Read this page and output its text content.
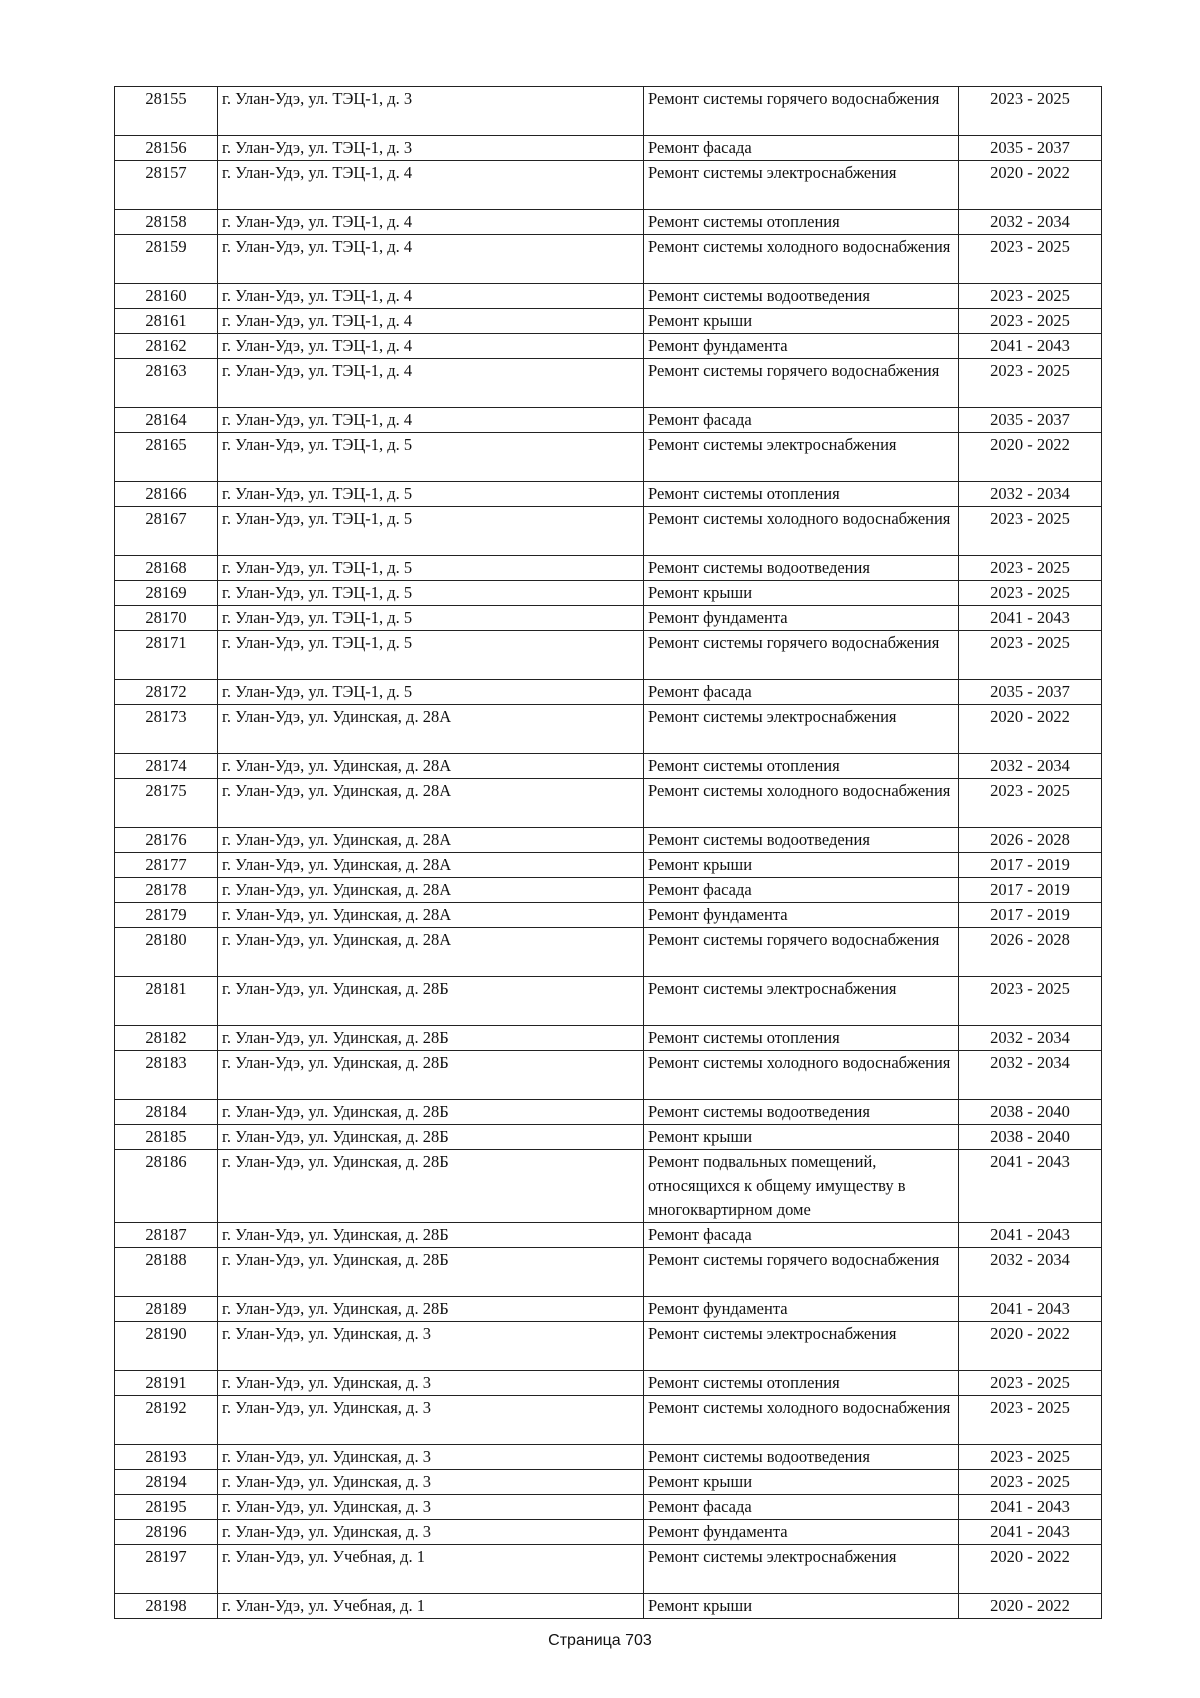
28155	г. Улан-Удэ, ул. ТЭЦ-1, д. 3	Ремонт системы горячего водоснабжения	2023 - 2025
28156	г. Улан-Удэ, ул. ТЭЦ-1, д. 3	Ремонт фасада	2035 - 2037
28157	г. Улан-Удэ, ул. ТЭЦ-1, д. 4	Ремонт системы электроснабжения	2020 - 2022
28158	г. Улан-Удэ, ул. ТЭЦ-1, д. 4	Ремонт системы отопления	2032 - 2034
28159	г. Улан-Удэ, ул. ТЭЦ-1, д. 4	Ремонт системы холодного водоснабжения	2023 - 2025
28160	г. Улан-Удэ, ул. ТЭЦ-1, д. 4	Ремонт системы водоотведения	2023 - 2025
28161	г. Улан-Удэ, ул. ТЭЦ-1, д. 4	Ремонт крыши	2023 - 2025
28162	г. Улан-Удэ, ул. ТЭЦ-1, д. 4	Ремонт фундамента	2041 - 2043
28163	г. Улан-Удэ, ул. ТЭЦ-1, д. 4	Ремонт системы горячего водоснабжения	2023 - 2025
28164	г. Улан-Удэ, ул. ТЭЦ-1, д. 4	Ремонт фасада	2035 - 2037
28165	г. Улан-Удэ, ул. ТЭЦ-1, д. 5	Ремонт системы электроснабжения	2020 - 2022
28166	г. Улан-Удэ, ул. ТЭЦ-1, д. 5	Ремонт системы отопления	2032 - 2034
28167	г. Улан-Удэ, ул. ТЭЦ-1, д. 5	Ремонт системы холодного водоснабжения	2023 - 2025
28168	г. Улан-Удэ, ул. ТЭЦ-1, д. 5	Ремонт системы водоотведения	2023 - 2025
28169	г. Улан-Удэ, ул. ТЭЦ-1, д. 5	Ремонт крыши	2023 - 2025
28170	г. Улан-Удэ, ул. ТЭЦ-1, д. 5	Ремонт фундамента	2041 - 2043
28171	г. Улан-Удэ, ул. ТЭЦ-1, д. 5	Ремонт системы горячего водоснабжения	2023 - 2025
28172	г. Улан-Удэ, ул. ТЭЦ-1, д. 5	Ремонт фасада	2035 - 2037
28173	г. Улан-Удэ, ул. Удинская, д. 28А	Ремонт системы электроснабжения	2020 - 2022
28174	г. Улан-Удэ, ул. Удинская, д. 28А	Ремонт системы отопления	2032 - 2034
28175	г. Улан-Удэ, ул. Удинская, д. 28А	Ремонт системы холодного водоснабжения	2023 - 2025
28176	г. Улан-Удэ, ул. Удинская, д. 28А	Ремонт системы водоотведения	2026 - 2028
28177	г. Улан-Удэ, ул. Удинская, д. 28А	Ремонт крыши	2017 - 2019
28178	г. Улан-Удэ, ул. Удинская, д. 28А	Ремонт фасада	2017 - 2019
28179	г. Улан-Удэ, ул. Удинская, д. 28А	Ремонт фундамента	2017 - 2019
28180	г. Улан-Удэ, ул. Удинская, д. 28А	Ремонт системы горячего водоснабжения	2026 - 2028
28181	г. Улан-Удэ, ул. Удинская, д. 28Б	Ремонт системы электроснабжения	2023 - 2025
28182	г. Улан-Удэ, ул. Удинская, д. 28Б	Ремонт системы отопления	2032 - 2034
28183	г. Улан-Удэ, ул. Удинская, д. 28Б	Ремонт системы холодного водоснабжения	2032 - 2034
28184	г. Улан-Удэ, ул. Удинская, д. 28Б	Ремонт системы водоотведения	2038 - 2040
28185	г. Улан-Удэ, ул. Удинская, д. 28Б	Ремонт крыши	2038 - 2040
28186	г. Улан-Удэ, ул. Удинская, д. 28Б	Ремонт подвальных помещений, относящихся к общему имуществу в многоквартирном доме	2041 - 2043
28187	г. Улан-Удэ, ул. Удинская, д. 28Б	Ремонт фасада	2041 - 2043
28188	г. Улан-Удэ, ул. Удинская, д. 28Б	Ремонт системы горячего водоснабжения	2032 - 2034
28189	г. Улан-Удэ, ул. Удинская, д. 28Б	Ремонт фундамента	2041 - 2043
28190	г. Улан-Удэ, ул. Удинская, д. 3	Ремонт системы электроснабжения	2020 - 2022
28191	г. Улан-Удэ, ул. Удинская, д. 3	Ремонт системы отопления	2023 - 2025
28192	г. Улан-Удэ, ул. Удинская, д. 3	Ремонт системы холодного водоснабжения	2023 - 2025
28193	г. Улан-Удэ, ул. Удинская, д. 3	Ремонт системы водоотведения	2023 - 2025
28194	г. Улан-Удэ, ул. Удинская, д. 3	Ремонт крыши	2023 - 2025
28195	г. Улан-Удэ, ул. Удинская, д. 3	Ремонт фасада	2041 - 2043
28196	г. Улан-Удэ, ул. Удинская, д. 3	Ремонт фундамента	2041 - 2043
28197	г. Улан-Удэ, ул. Учебная, д. 1	Ремонт системы электроснабжения	2020 - 2022
28198	г. Улан-Удэ, ул. Учебная, д. 1	Ремонт крыши	2020 - 2022
Страница 703
